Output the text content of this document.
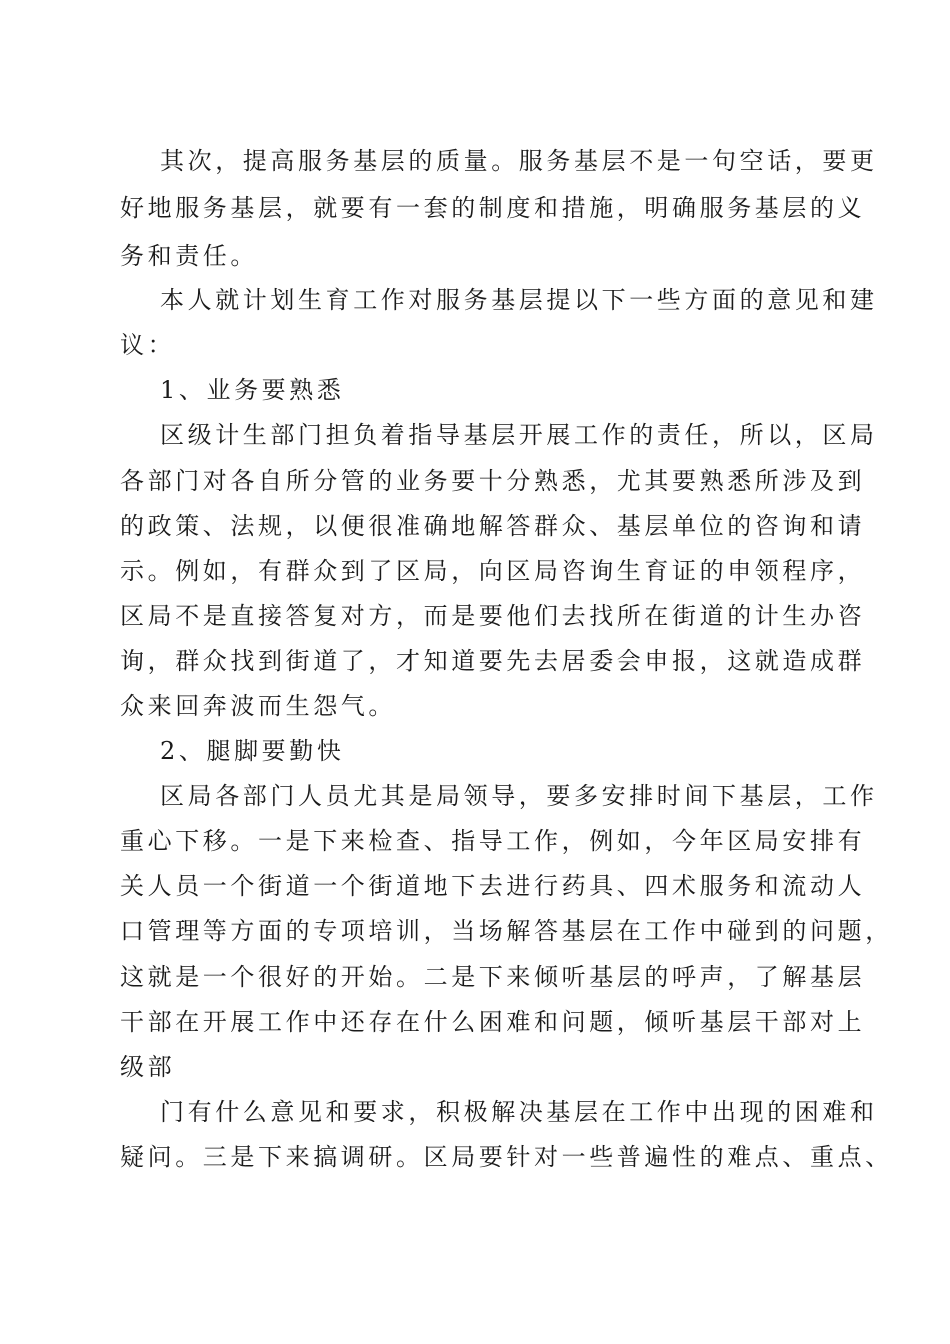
其次，提高服务基层的质量。服务基层不是一句空话，要更
好地服务基层，就要有一套的制度和措施，明确服务基层的义
务和责任。
本人就计划生育工作对服务基层提以下一些方面的意见和建
议：
1、业务要熟悉
区级计生部门担负着指导基层开展工作的责任，所以，区局
各部门对各自所分管的业务要十分熟悉，尤其要熟悉所涉及到
的政策、法规，以便很准确地解答群众、基层单位的咨询和请
示。例如，有群众到了区局，向区局咨询生育证的申领程序，
区局不是直接答复对方，而是要他们去找所在街道的计生办咨
询，群众找到街道了，才知道要先去居委会申报，这就造成群
众来回奔波而生怨气。
2、腿脚要勤快
区局各部门人员尤其是局领导，要多安排时间下基层，工作
重心下移。一是下来检查、指导工作，例如，今年区局安排有
关人员一个街道一个街道地下去进行药具、四术服务和流动人
口管理等方面的专项培训，当场解答基层在工作中碰到的问题，
这就是一个很好的开始。二是下来倾听基层的呼声，了解基层
干部在开展工作中还存在什么困难和问题，倾听基层干部对上
级部
门有什么意见和要求，积极解决基层在工作中出现的困难和
疑问。三是下来搞调研。区局要针对一些普遍性的难点、重点、
